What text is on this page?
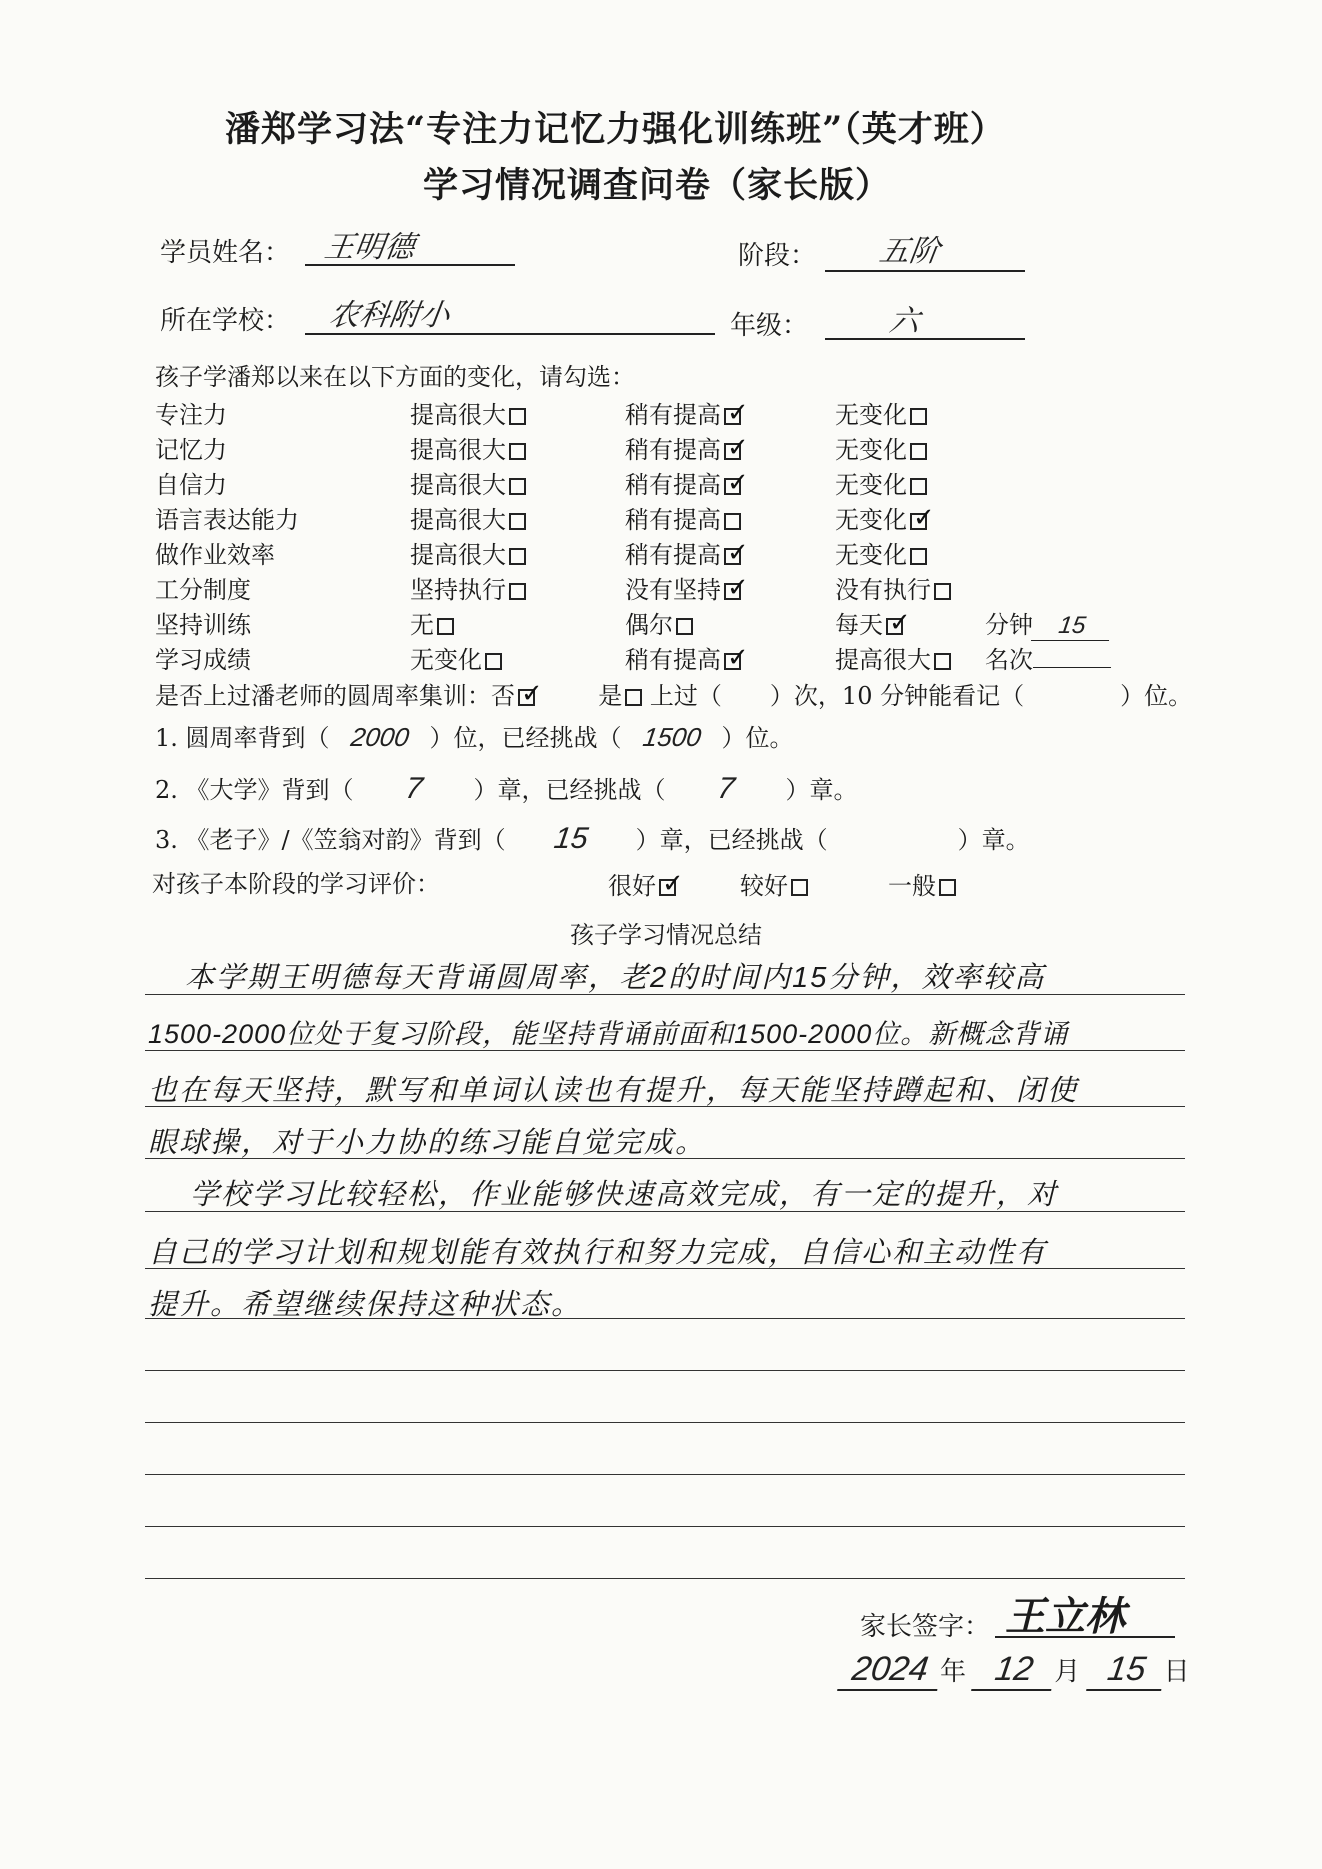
潘郑学习法“专注力记忆力强化训练班”（英才班）
学习情况调查问卷（家长版）
学员姓名： 王明德	阶段： 五阶
所在学校： 农科附小	年级：	六
孩子学潘郑以来在以下方面的变化，请勾选：
专注力	提高很大	稍有提高 ✓	无变化
记忆力	提高很大	稍有提高 ✓	无变化
自信力	提高很大	稍有提高 ✓	无变化
语言表达能力	提高很大	稍有提高	无变化✓
做作业效率	提高很大	稍有提高 ✓	无变化
工分制度	坚持执行	没有坚持 ✓	没有执行
坚持训练	无	偶尔	每天 ✓	分钟 15
学习成绩	无变化	稍有提高 ✓	提高很大	名次
是否上过潘老师的圆周率集训：否 ✓	是 上过（　　）次，10 分钟能看记（　　　　）位。
1. 圆周率背到（ 2000 ）位，已经挑战（ 1500 ）位。
2. 《大学》背到（ 7 ）章，已经挑战（ 7 ）章。
3. 《老子》/《笠翁对韵》背到（ 15 ）章，已经挑战（	）章。
对孩子本阶段的学习评价：	很好 ✓	较好	一般
孩子学习情况总结
本学期王明德每天背诵圆周率，老2的时间内15分钟，效率较高
1500-2000位处于复习阶段，能坚持背诵前面和1500-2000位。新概念背诵
也在每天坚持，默写和单词认读也有提升，每天能坚持蹲起和、闭使
眼球操，对于小力协的练习能自觉完成。
学校学习比较轻松，作业能够快速高效完成，有一定的提升，对
自己的学习计划和规划能有效执行和努力完成，自信心和主动性有
提升。希望继续保持这种状态。
家长签字： 王立林
2024 年 12 月 15 日
